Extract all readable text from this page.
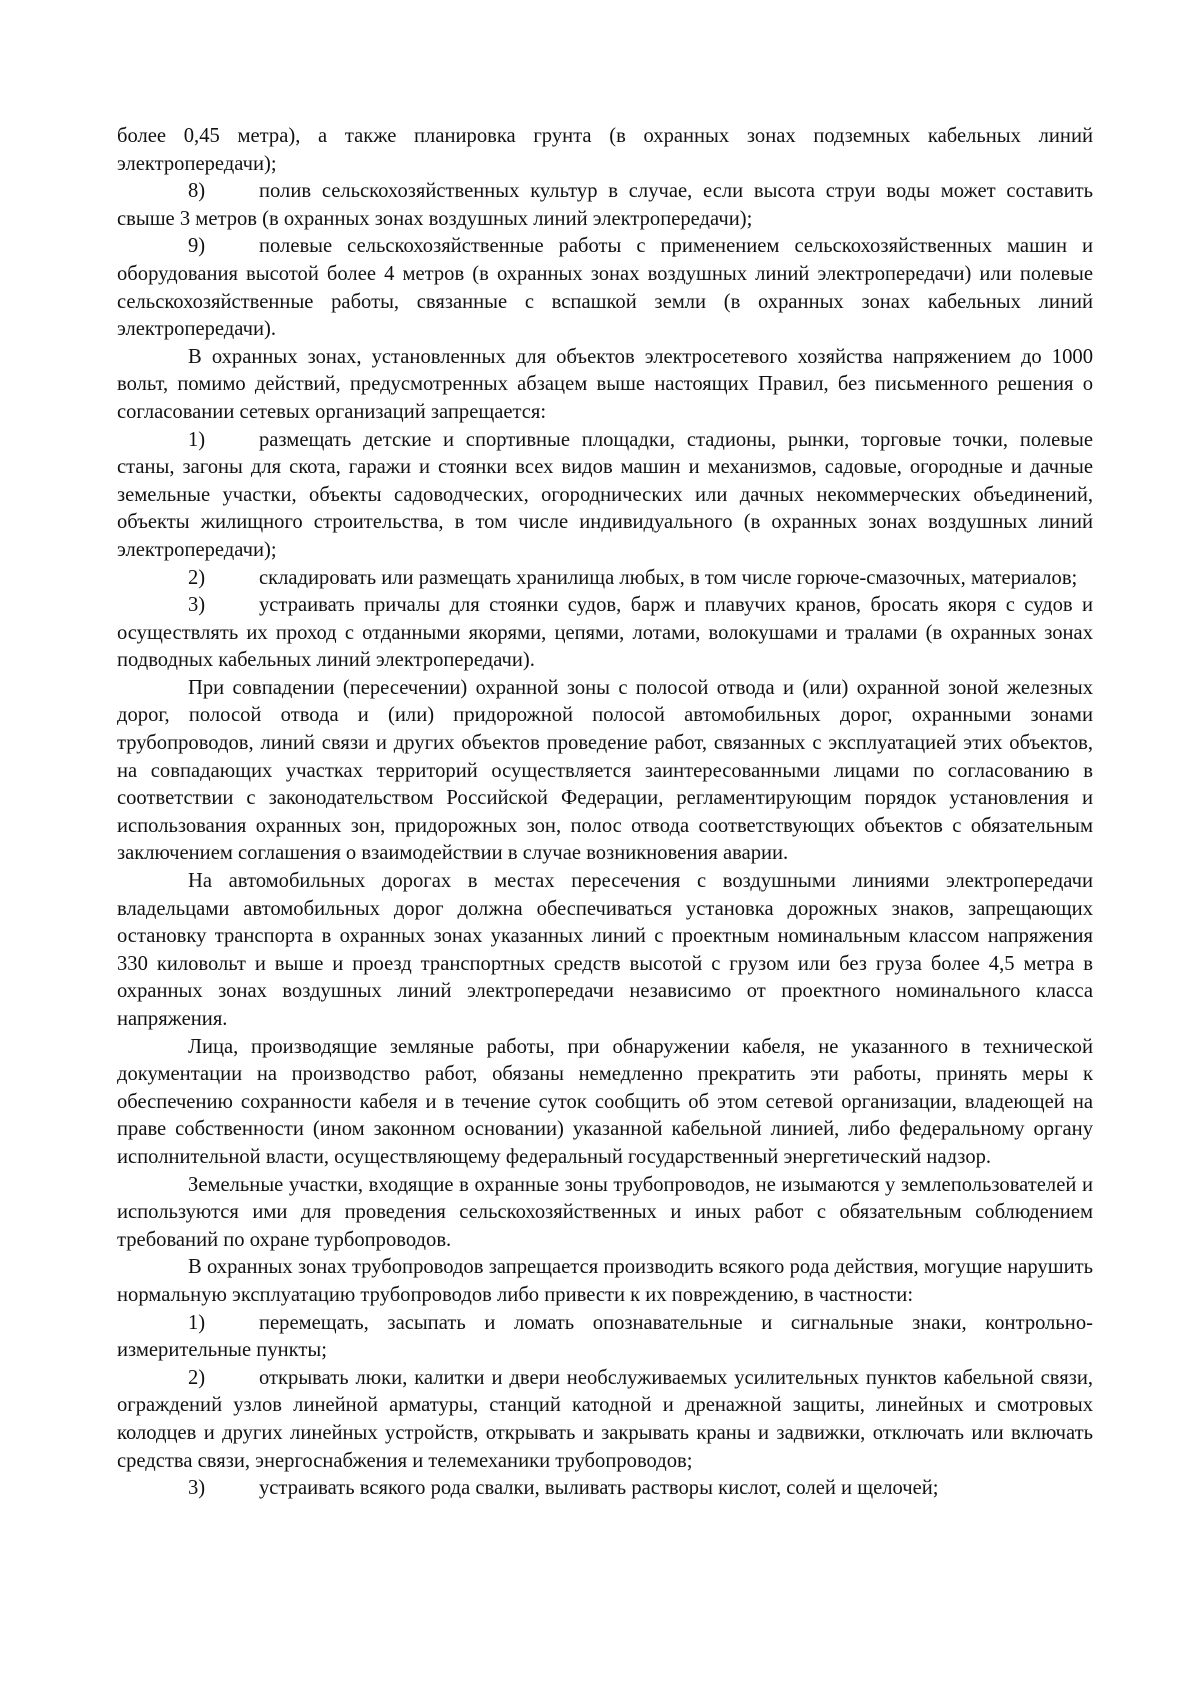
более 0,45 метра), а также планировка грунта (в охранных зонах подземных кабельных линий электропередачи);

8)	полив сельскохозяйственных культур в случае, если высота струи воды может составить свыше 3 метров (в охранных зонах воздушных линий электропередачи);

9)	полевые сельскохозяйственные работы с применением сельскохозяйственных машин и оборудования высотой более 4 метров (в охранных зонах воздушных линий электропередачи) или полевые сельскохозяйственные работы, связанные с вспашкой земли (в охранных зонах кабельных линий электропередачи).

В охранных зонах, установленных для объектов электросетевого хозяйства напряжением до 1000 вольт, помимо действий, предусмотренных абзацем выше настоящих Правил, без письменного решения о согласовании сетевых организаций запрещается:

1)	размещать детские и спортивные площадки, стадионы, рынки, торговые точки, полевые станы, загоны для скота, гаражи и стоянки всех видов машин и механизмов, садовые, огородные и дачные земельные участки, объекты садоводческих, огороднических или дачных некоммерческих объединений, объекты жилищного строительства, в том числе индивидуального (в охранных зонах воздушных линий электропередачи);

2)	складировать или размещать хранилища любых, в том числе горюче-смазочных, материалов;

3)	устраивать причалы для стоянки судов, барж и плавучих кранов, бросать якоря с судов и осуществлять их проход с отданными якорями, цепями, лотами, волокушами и тралами (в охранных зонах подводных кабельных линий электропередачи).

При совпадении (пересечении) охранной зоны с полосой отвода и (или) охранной зоной железных дорог, полосой отвода и (или) придорожной полосой автомобильных дорог, охранными зонами трубопроводов, линий связи и других объектов проведение работ, связанных с эксплуатацией этих объектов, на совпадающих участках территорий осуществляется заинтересованными лицами по согласованию в соответствии с законодательством Российской Федерации, регламентирующим порядок установления и использования охранных зон, придорожных зон, полос отвода соответствующих объектов с обязательным заключением соглашения о взаимодействии в случае возникновения аварии.

На автомобильных дорогах в местах пересечения с воздушными линиями электропередачи владельцами автомобильных дорог должна обеспечиваться установка дорожных знаков, запрещающих остановку транспорта в охранных зонах указанных линий с проектным номинальным классом напряжения 330 киловольт и выше и проезд транспортных средств высотой с грузом или без груза более 4,5 метра в охранных зонах воздушных линий электропередачи независимо от проектного номинального класса напряжения.

Лица, производящие земляные работы, при обнаружении кабеля, не указанного в технической документации на производство работ, обязаны немедленно прекратить эти работы, принять меры к обеспечению сохранности кабеля и в течение суток сообщить об этом сетевой организации, владеющей на праве собственности (ином законном основании) указанной кабельной линией, либо федеральному органу исполнительной власти, осуществляющему федеральный государственный энергетический надзор.

Земельные участки, входящие в охранные зоны трубопроводов, не изымаются у землепользователей и используются ими для проведения сельскохозяйственных и иных работ с обязательным соблюдением требований по охране турбопроводов.

В охранных зонах трубопроводов запрещается производить всякого рода действия, могущие нарушить нормальную эксплуатацию трубопроводов либо привести к их повреждению, в частности:

1)	перемещать, засыпать и ломать опознавательные и сигнальные знаки, контрольно-измерительные пункты;

2)	открывать люки, калитки и двери необслуживаемых усилительных пунктов кабельной связи, ограждений узлов линейной арматуры, станций катодной и дренажной защиты, линейных и смотровых колодцев и других линейных устройств, открывать и закрывать краны и задвижки, отключать или включать средства связи, энергоснабжения и телемеханики трубопроводов;

3)	устраивать всякого рода свалки, выливать растворы кислот, солей и щелочей;
